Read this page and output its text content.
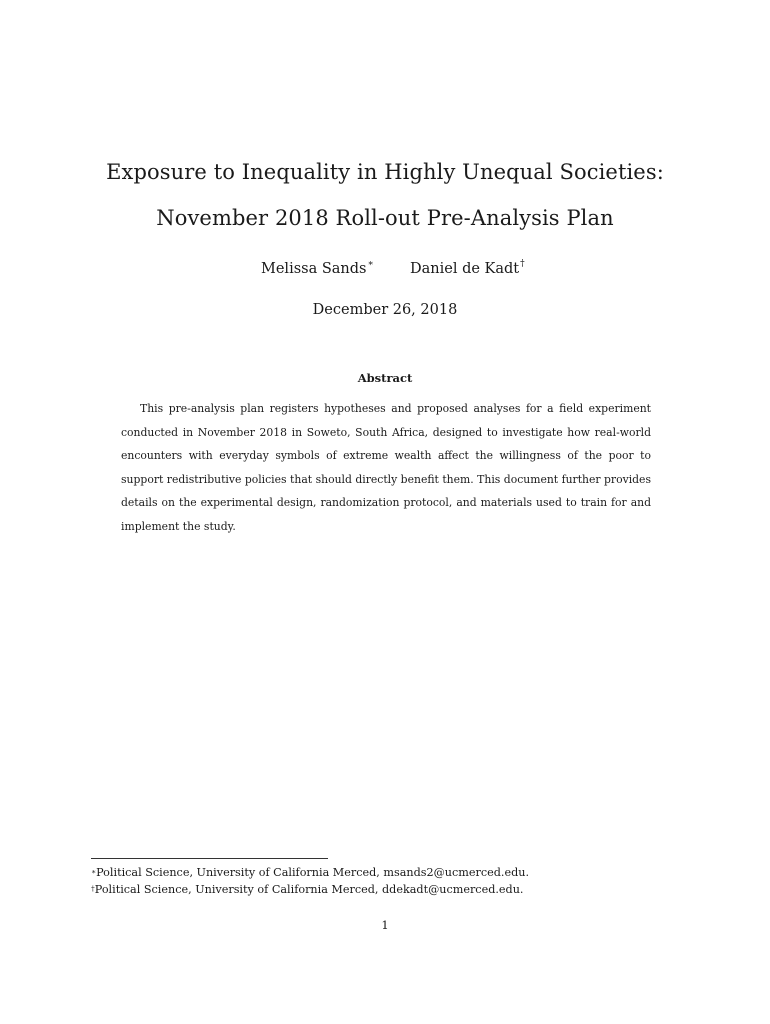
Exposure to Inequality in Highly Unequal Societies:
November 2018 Roll-out Pre-Analysis Plan
Melissa Sands∗	Daniel de Kadt†
December 26, 2018
Abstract

This pre-analysis plan registers hypotheses and proposed analyses for a field experiment conducted in November 2018 in Soweto, South Africa, designed to investigate how real-world encounters with everyday symbols of extreme wealth affect the willingness of the poor to support redistributive policies that should directly benefit them. This document further provides details on the experimental design, randomization protocol, and materials used to train for and implement the study.

∗Political Science, University of California Merced, msands2@ucmerced.edu.
†Political Science, University of California Merced, ddekadt@ucmerced.edu.
1
